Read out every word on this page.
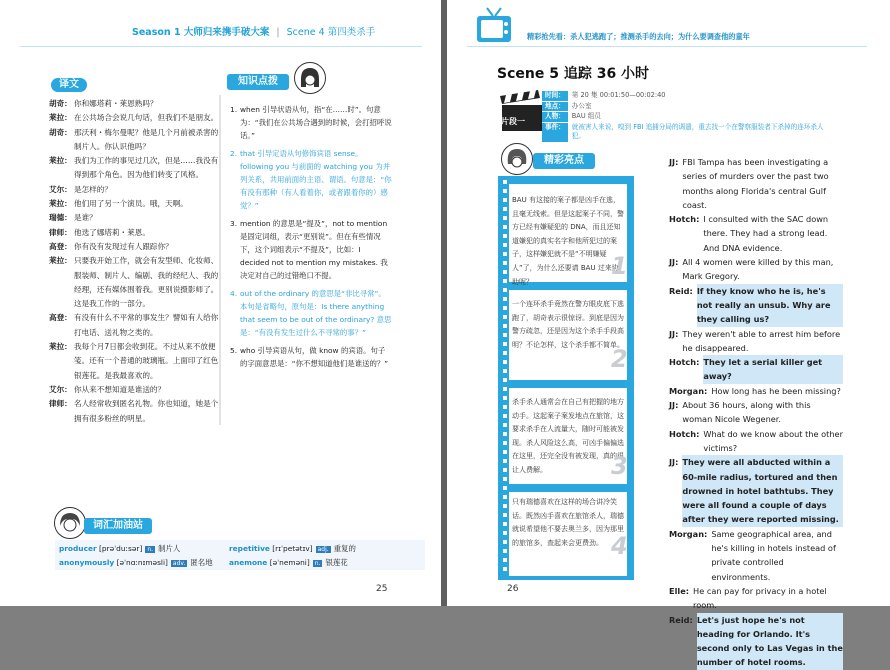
Season 1 大师归来携手破大案 | Scene 4 第四类杀手
译文
胡奇： 你和娜塔莉・莱恩熟吗？
莱拉： 在公共场合会说几句话，但我们不是朋友。
胡奇： 那沃利・梅尔曼呢？他是几个月前被杀害的制片人。你认识他吗？
莱拉： 我们为工作的事见过几次，但是……我没有得到那个角色。因为他们转变了风格。
艾尔： 是怎样的？
莱拉： 他们用了另一个演员。哦，天啊。
瑞德： 是谁？
律师： 他选了娜塔莉・莱恩。
高登： 你有没有发现过有人跟踪你？
莱拉： 只要我开始工作，就会有发型师、化妆师、服装师、制片人、编剧、我的经纪人、我的经理，还有媒体围着我。更别说摄影师了。这是我工作的一部分。
高登： 有没有什么不平常的事发生？譬如有人给你打电话、送礼物之类的。
莱拉： 我每个月7日都会收到花。不过从来不放便笺。还有一个普通的玻璃瓶。上面印了红色银莲花。是我最喜欢的。
艾尔： 你从来不想知道是谁送的？
律师： 名人经常收到匿名礼物。你也知道，她是个拥有很多粉丝的明星。
知识点拨
1. when 引导状语从句，指“在……时”。句意为：“我们在公共场合遇到的时候，会打招呼说话。”
2. that 引导定语从句修饰宾语 sense。following you 与前面的 watching you 为并列关系，共用前面的主语、谓语。句意是：“你有没有那种（有人看着你，或者跟着你的）感觉？”
3. mention 的意思是“提及”，not to mention 是固定词组，表示“更别说”。但在有些情况下，这个词组表示“不提及”，比如：I decided not to mention my mistakes. 我决定对自己的过错绝口不提。
4. out of the ordinary 的意思是“非比寻常”。本句是省略句，原句是：Is there anything that seem to be out of the ordinary? 意思是：“有没有发生过什么不寻常的事？”
5. who 引导宾语从句，做 know 的宾语。句子的字面意思是：“你不想知道他们是谁送的？”
词汇加油站
producer [prəˈduːsər] n. 制片人
anonymously [əˈnɑːnɪməsli] adv. 匿名地
repetitive [rɪˈpetətɪv] adj. 重复的
anemone [əˈneməni] n. 银莲花
25
精彩抢先看：杀人犯逃跑了；推测杀手的去向；为什么要调查他的童年
Scene 5 追踪 36 小时
片段一
时间：	第 20 集 00:01:50—00:02:40
地点：	办公室
人物：	BAU 组员
事件：	就被害人来说，嗅到 FBI 追捕分局的调遣，重去找一个在警察服装者下杀掉的连环杀人犯。
精彩亮点
BAU 有这接的案子都是凶手在逃，且毫无线索。但是这起案子不同，警方已经有嫌疑犯的 DNA，而且还知道嫌犯的真实名字和他所犯过的案子，这样嫌犯就不是“不明嫌疑人”了，为什么还要请 BAU 过来协助呢？
1
一个连环杀手竟然在警方眼皮底下逃跑了，胡奇表示很惊讶。到底是因为警方疏忽，还是因为这个杀手手段高明？不论怎样，这个杀手都不简单。
2
杀手杀人通常会在自己有把握的地方动手。这起案子案发地点在旅馆，这要求杀手在人流量大，随时可能被发现。杀人风险这么高，可凶手偏偏选在这里，还完全没有被发现，真的很让人费解。	3
只有瑞德喜欢在这样的场合讲冷笑话。既然凶手喜欢在旅馆杀人，瑞德就说希望他不要去奥兰多，因为那里的旅馆多，查起来会更费劲。 4
JJ: FBI Tampa has been investigating a series of murders over the past two months along Florida's central Gulf coast.
Hotch: I consulted with the SAC down there. They had a strong lead. And DNA evidence.
JJ: All 4 women were killed by this man, Mark Gregory.
Reid: If they know who he is, he's not really an unsub. Why are they calling us?
JJ: They weren't able to arrest him before he disappeared.
Hotch: They let a serial killer get away?
Morgan: How long has he been missing?
JJ: About 36 hours, along with this woman Nicole Wegener.
Hotch: What do we know about the other victims?
JJ: They were all abducted within a 60-mile radius, tortured and then drowned in hotel bathtubs. They were all found a couple of days after they were reported missing.
Morgan: Same geographical area, and he's killing in hotels instead of private controlled environments.
Elle: He can pay for privacy in a hotel room.
Reid: Let's just hope he's not heading for Orlando. It's second only to Las Vegas in the number of hotel rooms.
26
